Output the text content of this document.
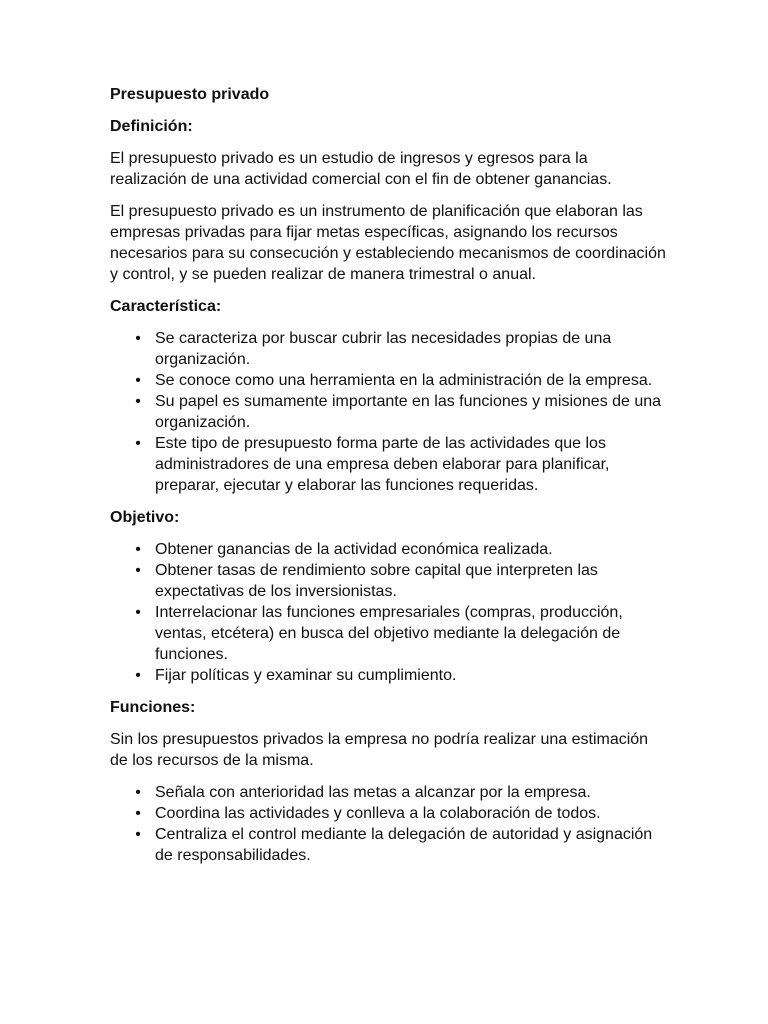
Presupuesto privado
Definición:

El presupuesto privado es un estudio de ingresos y egresos para la realización de una actividad comercial con el fin de obtener ganancias.

El presupuesto privado es un instrumento de planificación que elaboran las empresas privadas para fijar metas específicas, asignando los recursos necesarios para su consecución y estableciendo mecanismos de coordinación y control, y se pueden realizar de manera trimestral o anual.

Característica:
• Se caracteriza por buscar cubrir las necesidades propias de una organización.
• Se conoce como una herramienta en la administración de la empresa.
• Su papel es sumamente importante en las funciones y misiones de una organización.
• Este tipo de presupuesto forma parte de las actividades que los administradores de una empresa deben elaborar para planificar, preparar, ejecutar y elaborar las funciones requeridas.
Objetivo:
• Obtener ganancias de la actividad económica realizada.
• Obtener tasas de rendimiento sobre capital que interpreten las expectativas de los inversionistas.
• Interrelacionar las funciones empresariales (compras, producción, ventas, etcétera) en busca del objetivo mediante la delegación de funciones.
• Fijar políticas y examinar su cumplimiento.
Funciones:

Sin los presupuestos privados la empresa no podría realizar una estimación de los recursos de la misma.

• Señala con anterioridad las metas a alcanzar por la empresa.
• Coordina las actividades y conlleva a la colaboración de todos.
• Centraliza el control mediante la delegación de autoridad y asignación de responsabilidades.
